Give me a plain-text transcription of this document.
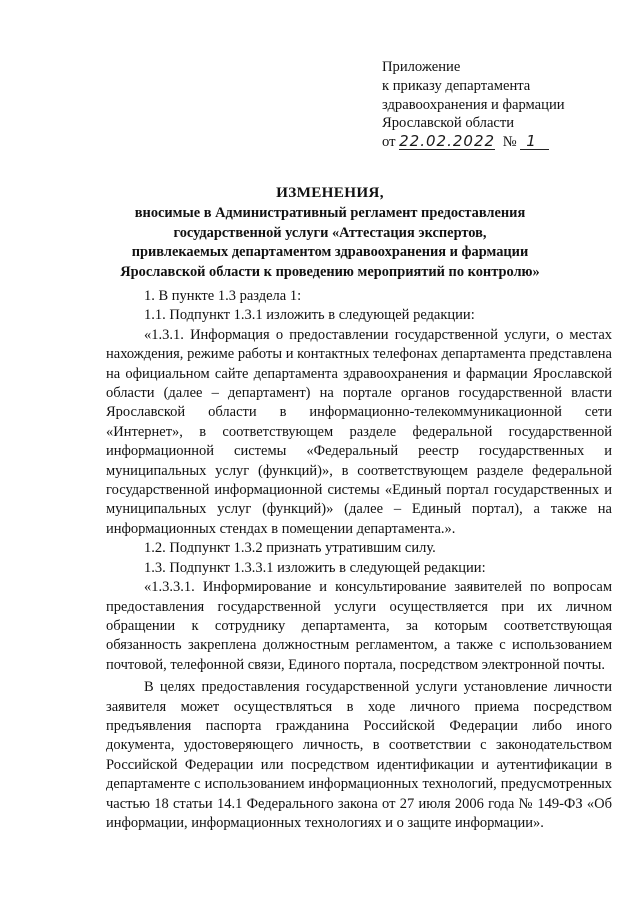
Приложение
к приказу департамента
здравоохранения и фармации
Ярославской области
от 22.02.2022 № 1
ИЗМЕНЕНИЯ,
вносимые в Административный регламент предоставления
государственной услуги «Аттестация экспертов,
привлекаемых департаментом здравоохранения и фармации
Ярославской области к проведению мероприятий по контролю»

1. В пункте 1.3 раздела 1:

1.1. Подпункт 1.3.1 изложить в следующей редакции:

«1.3.1. Информация о предоставлении государственной услуги, о местах нахождения, режиме работы и контактных телефонах департамента представлена на официальном сайте департамента здравоохранения и фармации Ярославской области (далее – департамент) на портале органов государственной власти Ярославской области в информационно-телекоммуникационной сети «Интернет», в соответствующем разделе федеральной государственной информационной системы «Федеральный реестр государственных и муниципальных услуг (функций)», в соответствующем разделе федеральной государственной информационной системы «Единый портал государственных и муниципальных услуг (функций)» (далее – Единый портал), а также на информационных стендах в помещении департамента.».

1.2. Подпункт 1.3.2 признать утратившим силу.

1.3. Подпункт 1.3.3.1 изложить в следующей редакции:

«1.3.3.1. Информирование и консультирование заявителей по вопросам предоставления государственной услуги осуществляется при их личном обращении к сотруднику департамента, за которым соответствующая обязанность закреплена должностным регламентом, а также с использованием почтовой, телефонной связи, Единого портала, посредством электронной почты.

В целях предоставления государственной услуги установление личности заявителя может осуществляться в ходе личного приема посредством предъявления паспорта гражданина Российской Федерации либо иного документа, удостоверяющего личность, в соответствии с законодательством Российской Федерации или посредством идентификации и аутентификации в департаменте с использованием информационных технологий, предусмотренных частью 18 статьи 14.1 Федерального закона от 27 июля 2006 года № 149-ФЗ «Об информации, информационных технологиях и о защите информации».
